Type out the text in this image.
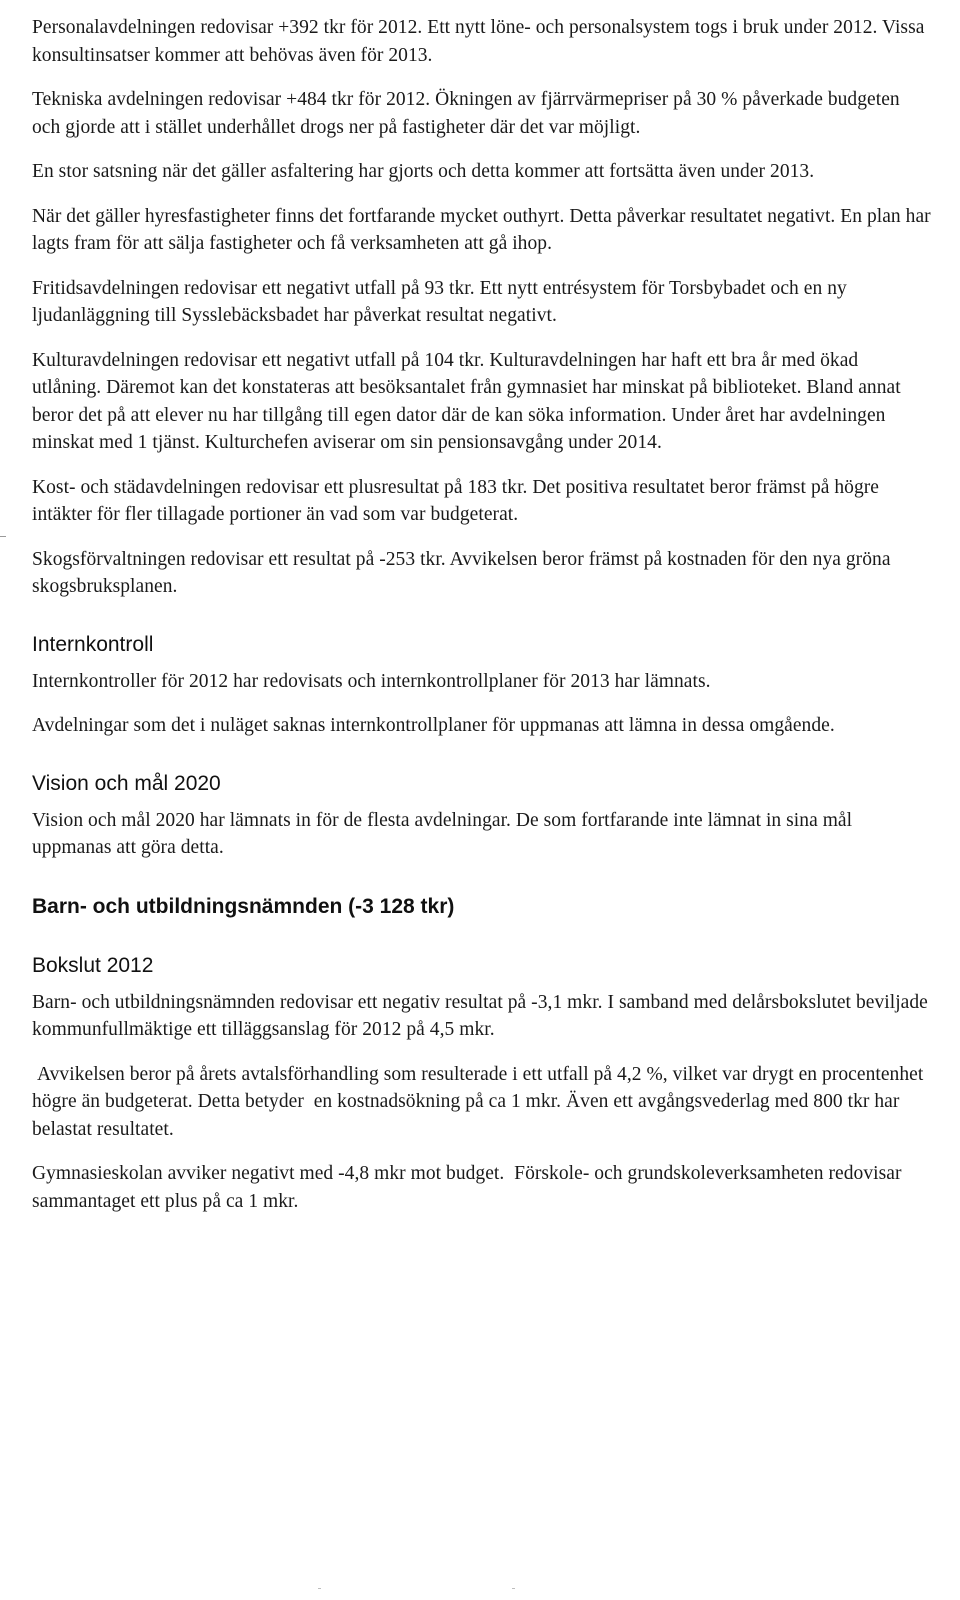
Personalavdelningen redovisar +392 tkr för 2012. Ett nytt löne- och personalsystem togs i bruk under 2012. Vissa konsultinsatser kommer att behövas även för 2013.

Tekniska avdelningen redovisar +484 tkr för 2012. Ökningen av fjärrvärmepriser på 30 % påverkade budgeten och gjorde att i stället underhållet drogs ner på fastigheter där det var möjligt.

En stor satsning när det gäller asfaltering har gjorts och detta kommer att fortsätta även under 2013.

När det gäller hyresfastigheter finns det fortfarande mycket outhyrt. Detta påverkar resultatet negativt. En plan har lagts fram för att sälja fastigheter och få verksamheten att gå ihop.

Fritidsavdelningen redovisar ett negativt utfall på 93 tkr. Ett nytt entrésystem för Torsbybadet och en ny ljudanläggning till Sysslebäcksbadet har påverkat resultat negativt.

Kulturavdelningen redovisar ett negativt utfall på 104 tkr. Kulturavdelningen har haft ett bra år med ökad utlåning. Däremot kan det konstateras att besöksantalet från gymnasiet har minskat på biblioteket. Bland annat beror det på att elever nu har tillgång till egen dator där de kan söka information. Under året har avdelningen minskat med 1 tjänst. Kulturchefen aviserar om sin pensionsavgång under 2014.

Kost- och städavdelningen redovisar ett plusresultat på 183 tkr. Det positiva resultatet beror främst på högre intäkter för fler tillagade portioner än vad som var budgeterat.

Skogsförvaltningen redovisar ett resultat på -253 tkr. Avvikelsen beror främst på kostnaden för den nya gröna skogsbruksplanen.

Internkontroll

Internkontroller för 2012 har redovisats och internkontrollplaner för 2013 har lämnats.

Avdelningar som det i nuläget saknas internkontrollplaner för uppmanas att lämna in dessa omgående.

Vision och mål 2020

Vision och mål 2020 har lämnats in för de flesta avdelningar. De som fortfarande inte lämnat in sina mål uppmanas att göra detta.

Barn- och utbildningsnämnden (-3 128 tkr)
Bokslut 2012

Barn- och utbildningsnämnden redovisar ett negativ resultat på -3,1 mkr. I samband med delårsbokslutet beviljade kommunfullmäktige ett tilläggsanslag för 2012 på 4,5 mkr.

Avvikelsen beror på årets avtalsförhandling som resulterade i ett utfall på 4,2 %, vilket var drygt en procentenhet högre än budgeterat. Detta betyder  en kostnadsökning på ca 1 mkr. Även ett avgångsvederlag med 800 tkr har belastat resultatet.

Gymnasieskolan avviker negativt med -4,8 mkr mot budget.  Förskole- och grundskoleverksamheten redovisar sammantaget ett plus på ca 1 mkr.
